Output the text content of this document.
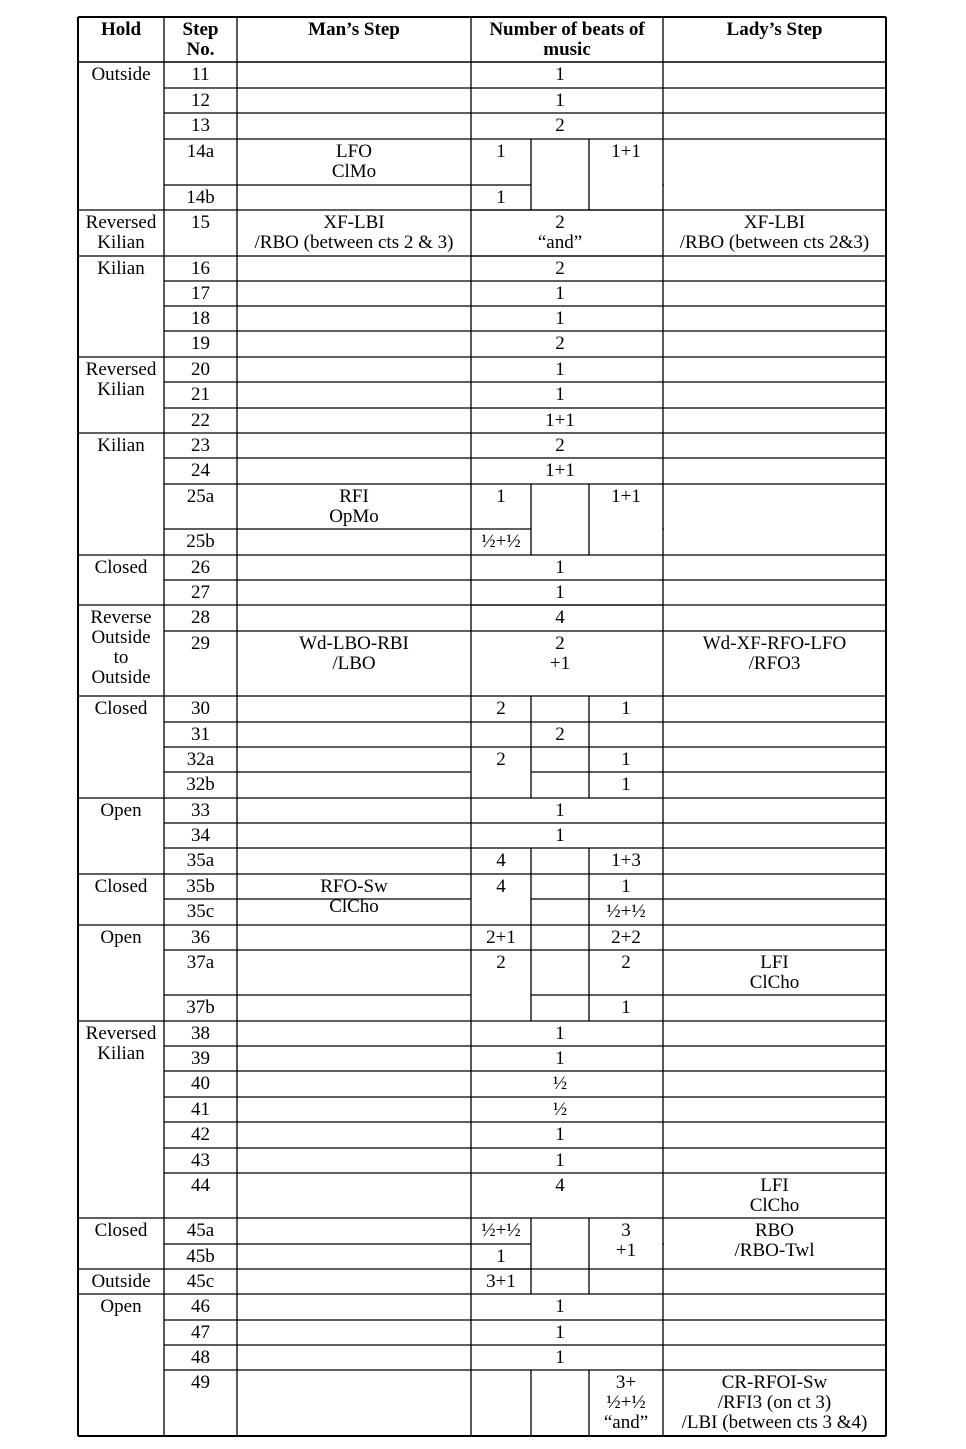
Hold	Step
No.
Man’s Step	Number of beats of
music
Lady’s Step
Outside
Reversed
Kilian
Kilian
Reversed
Kilian
Kilian
Closed
Reverse
Outside
to
Outside
Closed
Open
Closed
Open
Reversed
Kilian
Closed
Outside
Open
11
12
13
14a
14b
15
16
17
18
19
20
21
22
23
24
25a
25b
26
27
28
29
30
31
32a
32b
33
34
35a
35b
35c
36
37a
37b
38
39
40
41
42
43
44
45a
45b
45c
46
47
48
49
LFO
ClMo
XF-LBI
/RBO (between cts 2 & 3)
RFI
OpMo
Wd-LBO-RBI
/LBO
RFO-Sw
ClCho
XF-LBI
/RBO (between cts 2&3)
Wd-XF-RFO-LFO
/RFO3
LFI
ClCho
LFI
ClCho
RBO
/RBO-Twl
CR-RFOI-Sw
/RFI3 (on ct 3)
/LBI (between cts 3 &4)
1
1
1
½+½
2
2
4
4
2+1
2
½+½
1
3+1
1
1
2
2
“and”
2
1
1
2
1
1
1+1
2
1+1
1
1
4
2
+1
2
1
1
1
1
½
½
1
1
4
1
1
1
1+1
1+1
1
1
1
1+3
1
½+½
2+2
2
1
3
+1
3+
½+½
“and”
